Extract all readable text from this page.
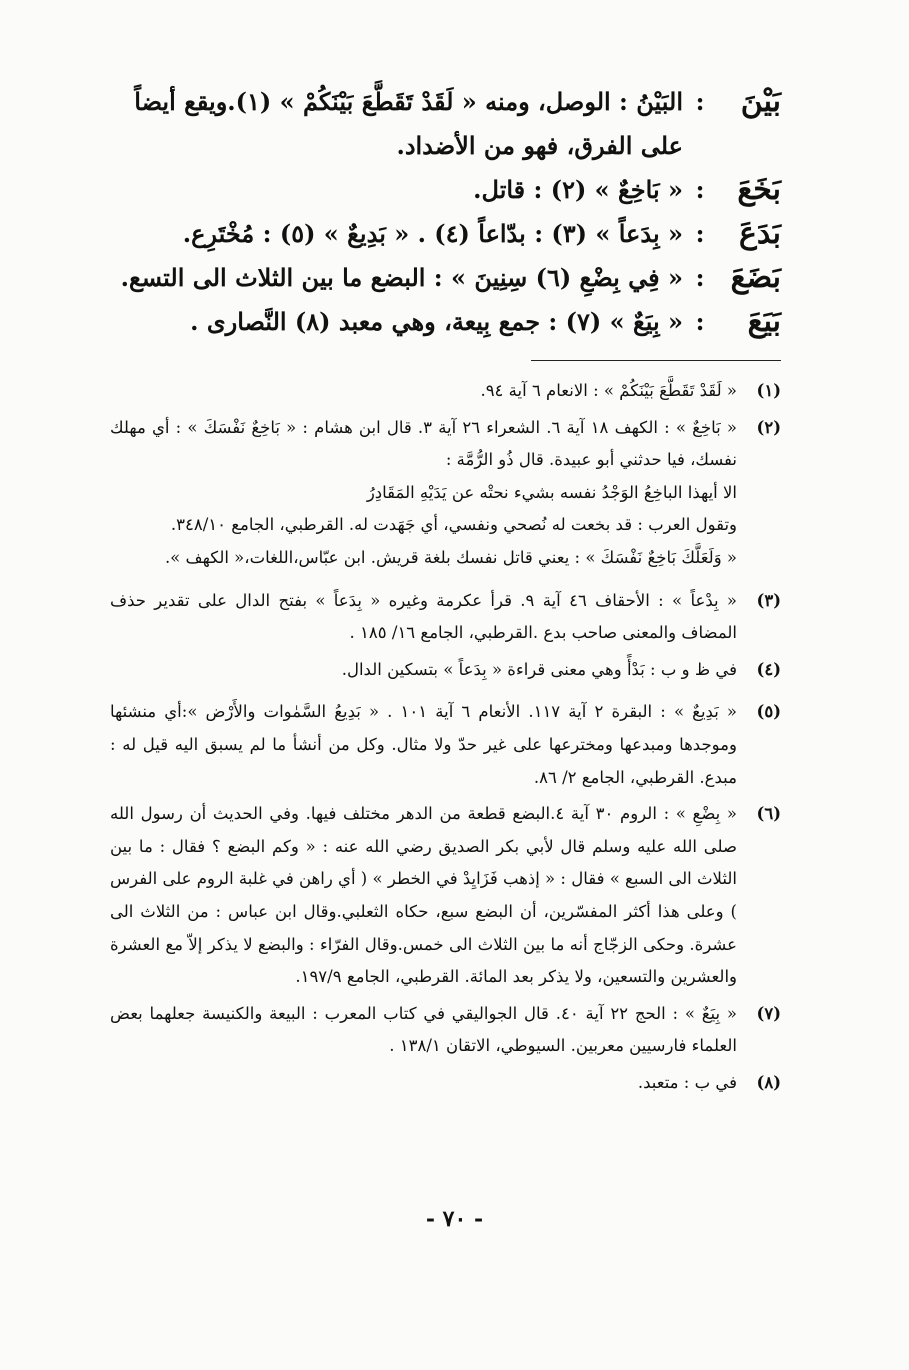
بَيْنَ
:
البَيْنُ : الوصل، ومنه « لَقَدْ تَقَطَّعَ بَيْنَكُمْ » (١).ويقع أيضاً على الفرق، فهو من الأضداد.
بَخَعَ
:
« بَاخِعٌ » (٢) : قاتل.
بَدَعَ
:
« بِدَعاً » (٣) : بدّاعاً (٤) . « بَدِيعٌ » (٥) : مُخْتَرِع.
بَضَعَ
:
« فِي بِضْعِ (٦) سِنِينَ » : البضع ما بين الثلاث الى التسع.
بَيَعَ
:
« بِيَعٌ » (٧) : جمع بِيعة، وهي معبد (٨) النَّصارى .
(١)

« لَقَدْ تَقَطَّعَ بَيْنَكُمْ » : الانعام ٦ آية ٩٤.

(٢)

« بَاخِعٌ » : الكهف ١٨ آية ٦. الشعراء ٢٦ آية ٣. قال ابن هشام : « بَاخِعٌ نَفْسَكَ » : أي مهلك نفسك، فيا حدثني أبو عبيدة. قال ذُو الرُّمَّة :

الا أيهذا الباخِعُ الوَجْدُ نفسه بشيء نحتْه عن يَدَيْهِ المَقَادِرُ

وتقول العرب : قد بخعت له نُصحي ونفسي، أي جَهَدت له. القرطبي، الجامع ٣٤٨/١٠.

« وَلَعَلَّكَ بَاخِعٌ نَفْسَكَ » : يعني قاتل نفسك بلغة قريش. ابن عبّاس،اللغات،« الكهف ».

(٣)

« بِدْعاً » : الأحقاف ٤٦ آية ٩. قرأ عكرمة وغيره « بِدَعاً » بفتح الدال على تقدير حذف المضاف والمعنى صاحب بدع .القرطبي، الجامع ١٦/ ١٨٥ .

(٤)

في ظ و ب : بَدْأً وهي معنى قراءة « بِدَعاً » بتسكين الدال.

(٥)

« بَدِيعٌ » : البقرة ٢ آية ١١٧. الأنعام ٦ آية ١٠١ . « بَدِيعُ السَّمٰوات والأَرْض »:أي منشئها وموجدها ومبدعها ومخترعها على غير حدّ ولا مثال. وكل من أنشأ ما لم يسبق اليه قيل له : مبدع. القرطبي، الجامع ٢/ ٨٦.

(٦)

« بِضْعِ » : الروم ٣٠ آية ٤.البضع قطعة من الدهر مختلف فيها. وفي الحديث أن رسول الله صلى الله عليه وسلم قال لأبي بكر الصديق رضي الله عنه : « وكم البضع ؟ فقال : ما بين الثلاث الى السبع » فقال : « إذهب فَزَايِدْ في الخطر » ( أي راهن في غلبة الروم على الفرس ) وعلى هذا أكثر المفسّرين، أن البضع سبع، حكاه الثعلبي.وقال ابن عباس : من الثلاث الى عشرة. وحكى الزجّاج أنه ما بين الثلاث الى خمس.وقال الفرّاء : والبضع لا يذكر إلاّ مع العشرة والعشرين والتسعين، ولا يذكر بعد المائة. القرطبي، الجامع ١٩٧/٩.

(٧)

« بِيَعٌ » : الحج ٢٢ آية ٤٠. قال الجواليقي في كتاب المعرب : البيعة والكنيسة جعلهما بعض العلماء فارسيين معربين. السيوطي، الاتقان ١٣٨/١ .

(٨)

في ب : متعبد.

- ٧٠ -
